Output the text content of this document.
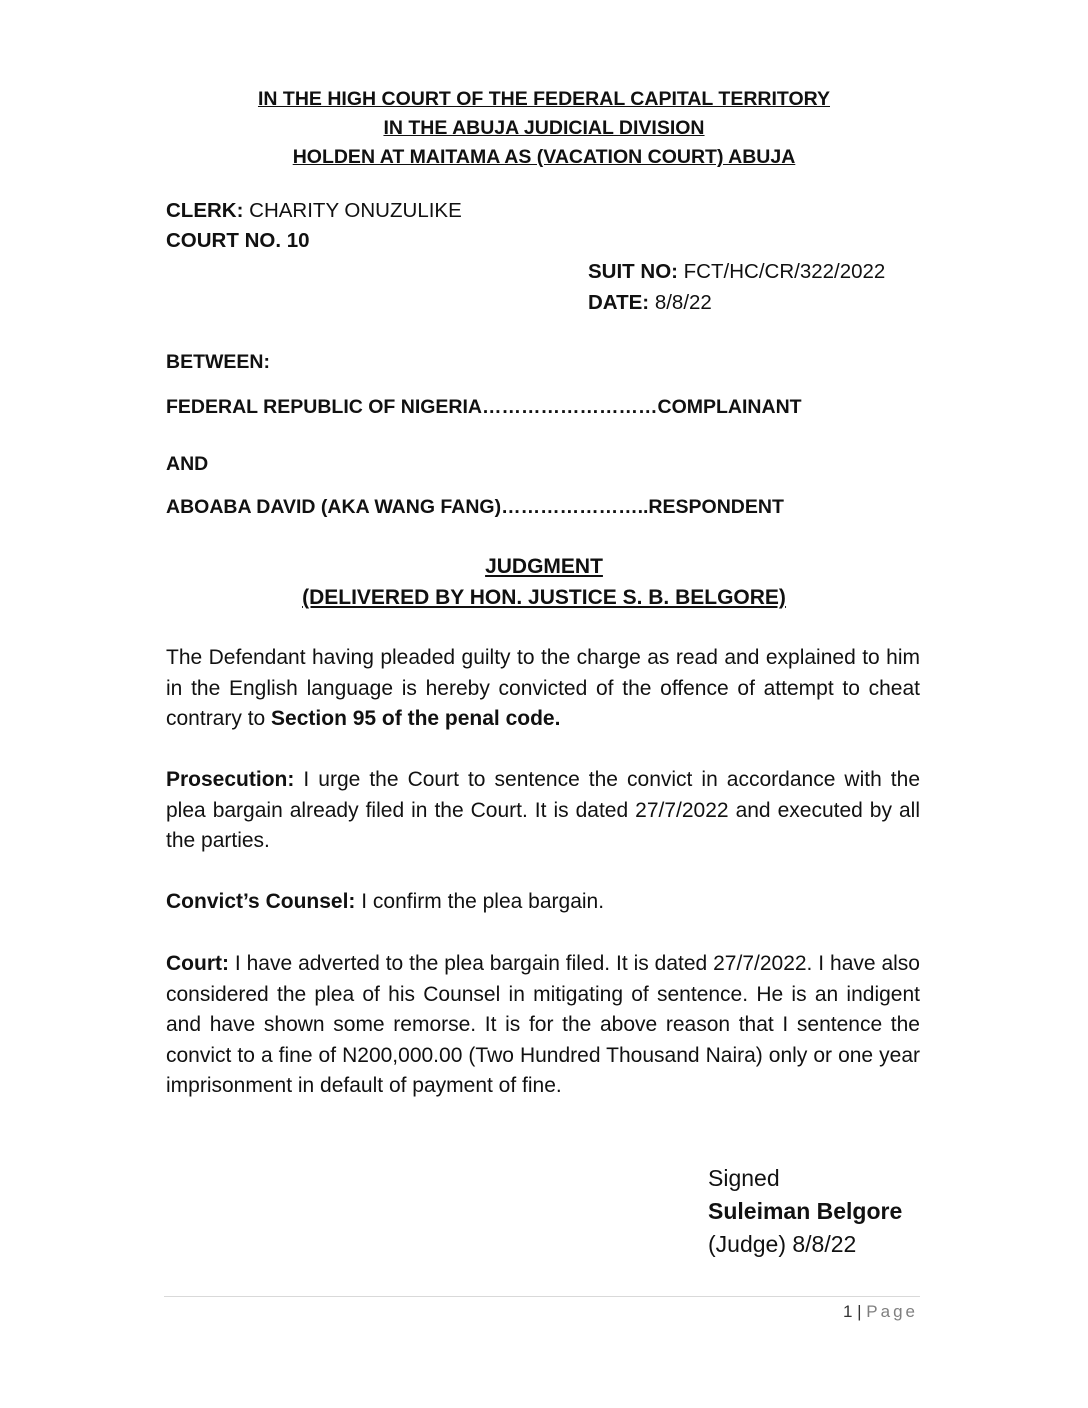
IN THE HIGH COURT OF THE FEDERAL CAPITAL TERRITORY
IN THE ABUJA JUDICIAL DIVISION
HOLDEN AT MAITAMA AS (VACATION COURT) ABUJA
CLERK: CHARITY ONUZULIKE
COURT NO. 10
SUIT NO: FCT/HC/CR/322/2022
DATE: 8/8/22
BETWEEN:
FEDERAL REPUBLIC OF NIGERIA………………………COMPLAINANT
AND
ABOABA DAVID (AKA WANG FANG)…………………..RESPONDENT
JUDGMENT
(DELIVERED BY HON. JUSTICE S. B. BELGORE)
The Defendant having pleaded guilty to the charge as read and explained to him in the English language is hereby convicted of the offence of attempt to cheat contrary to Section 95 of the penal code.
Prosecution: I urge the Court to sentence the convict in accordance with the plea bargain already filed in the Court. It is dated 27/7/2022 and executed by all the parties.
Convict’s Counsel: I confirm the plea bargain.
Court: I have adverted to the plea bargain filed. It is dated 27/7/2022. I have also considered the plea of his Counsel in mitigating of sentence. He is an indigent and have shown some remorse. It is for the above reason that I sentence the convict to a fine of N200,000.00 (Two Hundred Thousand Naira) only or one year imprisonment in default of payment of fine.
Signed
Suleiman Belgore
(Judge) 8/8/22
1 | Page
